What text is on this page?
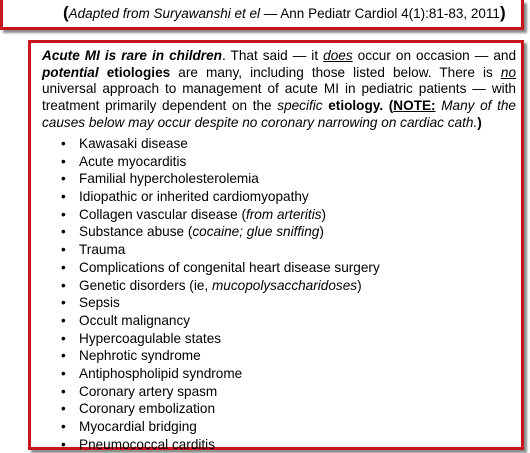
(Adapted from Suryawanshi et el — Ann Pediatr Cardiol 4(1):81-83, 2011)
Acute MI is rare in children. That said — it does occur on occasion — and
potential etiologies are many, including those listed below. There is no
universal approach to management of acute MI in pediatric patients — with
treatment primarily dependent on the specific etiology. (NOTE: Many of the
causes below may occur despite no coronary narrowing on cardiac cath.)
• Kawasaki disease
• Acute myocarditis
• Familial hypercholesterolemia
• Idiopathic or inherited cardiomyopathy
• Collagen vascular disease (from arteritis)
• Substance abuse (cocaine; glue sniffing)
• Trauma
• Complications of congenital heart disease surgery
• Genetic disorders (ie, mucopolysaccharidoses)
• Sepsis
• Occult malignancy
• Hypercoagulable states
• Nephrotic syndrome
• Antiphospholipid syndrome
• Coronary artery spasm
• Coronary embolization
• Myocardial bridging
• Pneumococcal carditis
